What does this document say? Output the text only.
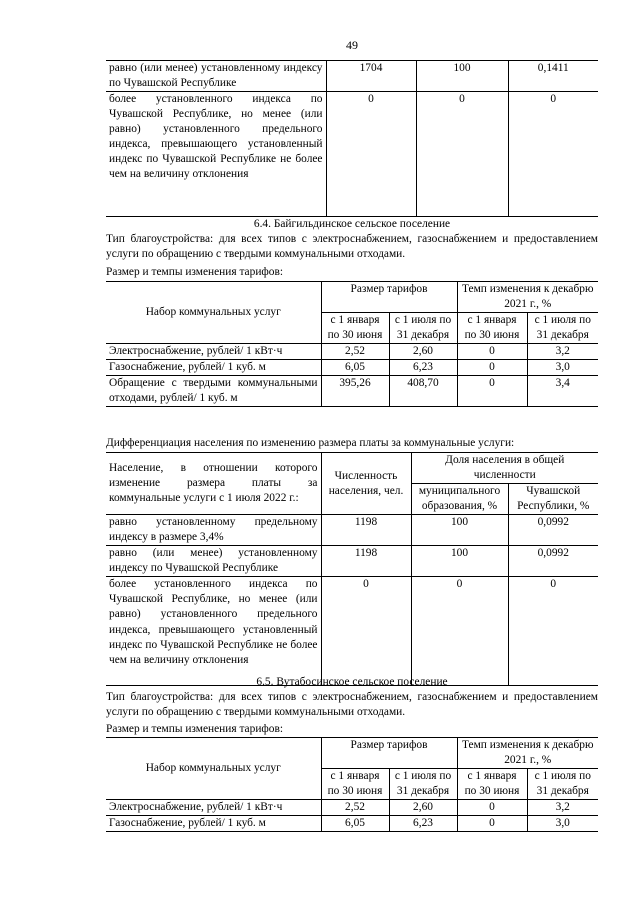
49
равно (или менее) установленному индексу по Чувашской Республике	1704	100	0,1411
более установленного индекса по Чувашской Республике, но менее (или равно) установленного предельного индекса, превышающего установленный индекс по Чувашской Республике не более чем на величину отклонения	0	0	0
6.4. Байгильдинское сельское поселение
Тип благоустройства: для всех типов с электроснабжением, газоснабжением и предоставлением услуги по обращению с твердыми коммунальными отходами.
Размер и темпы изменения тарифов:
Набор коммунальных услуг	Размер тарифов		Темп изменения к декабрю 2021 г., %	
	с 1 января по 30 июня	с 1 июля по 31 декабря	с 1 января по 30 июня	с 1 июля по 31 декабря
Электроснабжение, рублей/ 1 кВт·ч	2,52	2,60	0	3,2
Газоснабжение, рублей/ 1 куб. м	6,05	6,23	0	3,0
Обращение с твердыми коммунальными отходами, рублей/ 1 куб. м	395,26	408,70	0	3,4
Дифференциация населения по изменению размера платы за коммунальные услуги:
Население, в отношении которого изменение размера платы за коммунальные услуги с 1 июля 2022 г.:	Численность населения, чел.	Доля населения в общей численности	
		муниципального образования, %	Чувашской Республики, %
равно установленному предельному индексу в размере 3,4%	1198	100	0,0992
равно (или менее) установленному индексу по Чувашской Республике	1198	100	0,0992
более установленного индекса по Чувашской Республике, но менее (или равно) установленного предельного индекса, превышающего установленный индекс по Чувашской Республике не более чем на величину отклонения	0	0	0
6.5. Вутабосинское сельское поселение
Тип благоустройства: для всех типов с электроснабжением, газоснабжением и предоставлением услуги по обращению с твердыми коммунальными отходами.
Размер и темпы изменения тарифов:
Набор коммунальных услуг	Размер тарифов		Темп изменения к декабрю 2021 г., %	
	с 1 января по 30 июня	с 1 июля по 31 декабря	с 1 января по 30 июня	с 1 июля по 31 декабря
Электроснабжение, рублей/ 1 кВт·ч	2,52	2,60	0	3,2
Газоснабжение, рублей/ 1 куб. м	6,05	6,23	0	3,0
